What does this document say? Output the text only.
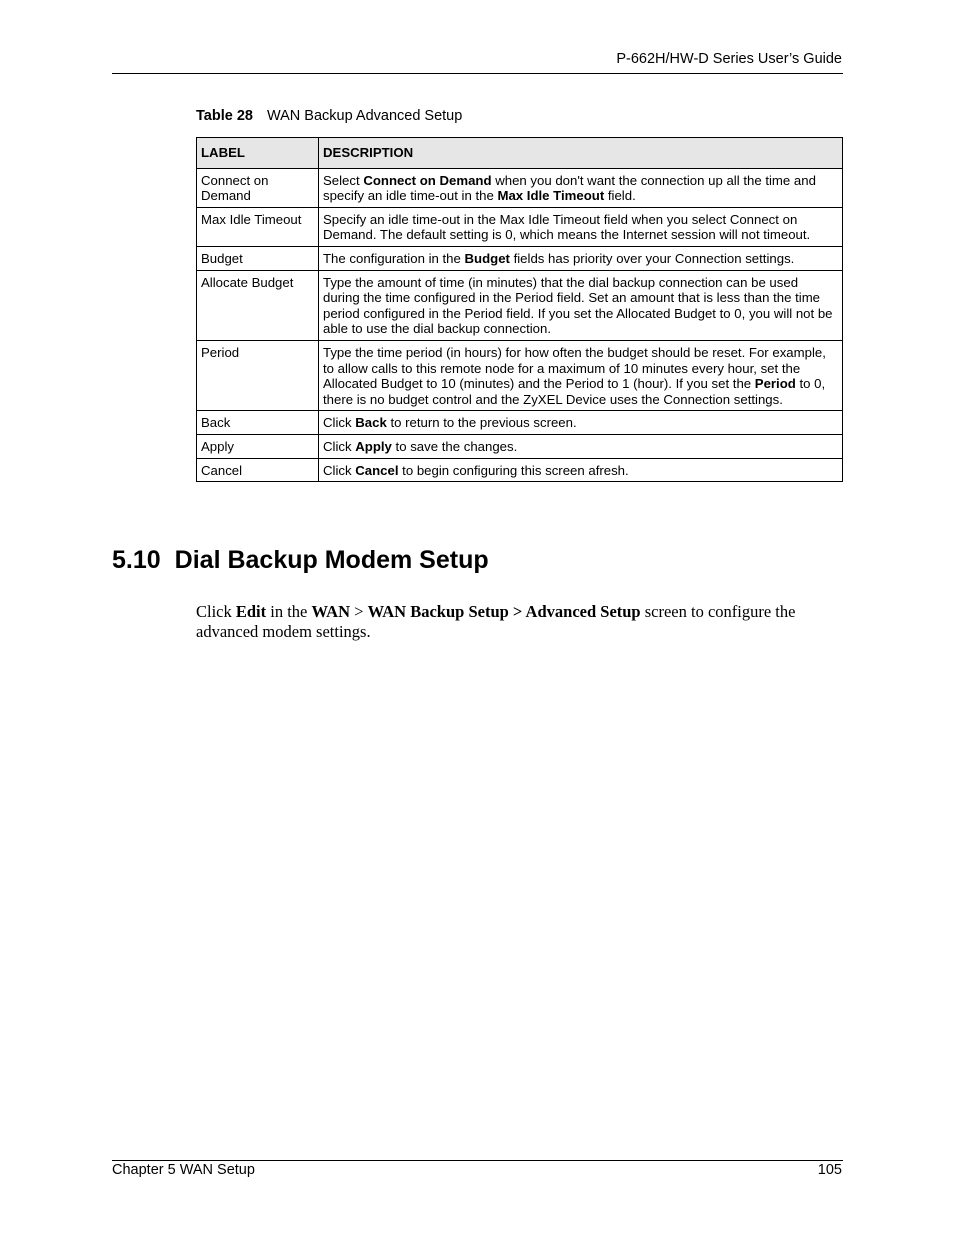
P-662H/HW-D Series User’s Guide
Table 28 WAN Backup Advanced Setup
LABEL	DESCRIPTION
Connect on Demand	Select Connect on Demand when you don't want the connection up all the time and specify an idle time-out in the Max Idle Timeout field.
Max Idle Timeout	Specify an idle time-out in the Max Idle Timeout field when you select Connect on Demand. The default setting is 0, which means the Internet session will not timeout.
Budget	The configuration in the Budget fields has priority over your Connection settings.
Allocate Budget	Type the amount of time (in minutes) that the dial backup connection can be used during the time configured in the Period field. Set an amount that is less than the time period configured in the Period field. If you set the Allocated Budget to 0, you will not be able to use the dial backup connection.
Period	Type the time period (in hours) for how often the budget should be reset. For example, to allow calls to this remote node for a maximum of 10 minutes every hour, set the Allocated Budget to 10 (minutes) and the Period to 1 (hour). If you set the Period to 0, there is no budget control and the ZyXEL Device uses the Connection settings.
Back	Click Back to return to the previous screen.
Apply	Click Apply to save the changes.
Cancel	Click Cancel to begin configuring this screen afresh.
5.10 Dial Backup Modem Setup

Click Edit in the WAN > WAN Backup Setup > Advanced Setup screen to configure the advanced modem settings.

Chapter 5 WAN Setup	105
